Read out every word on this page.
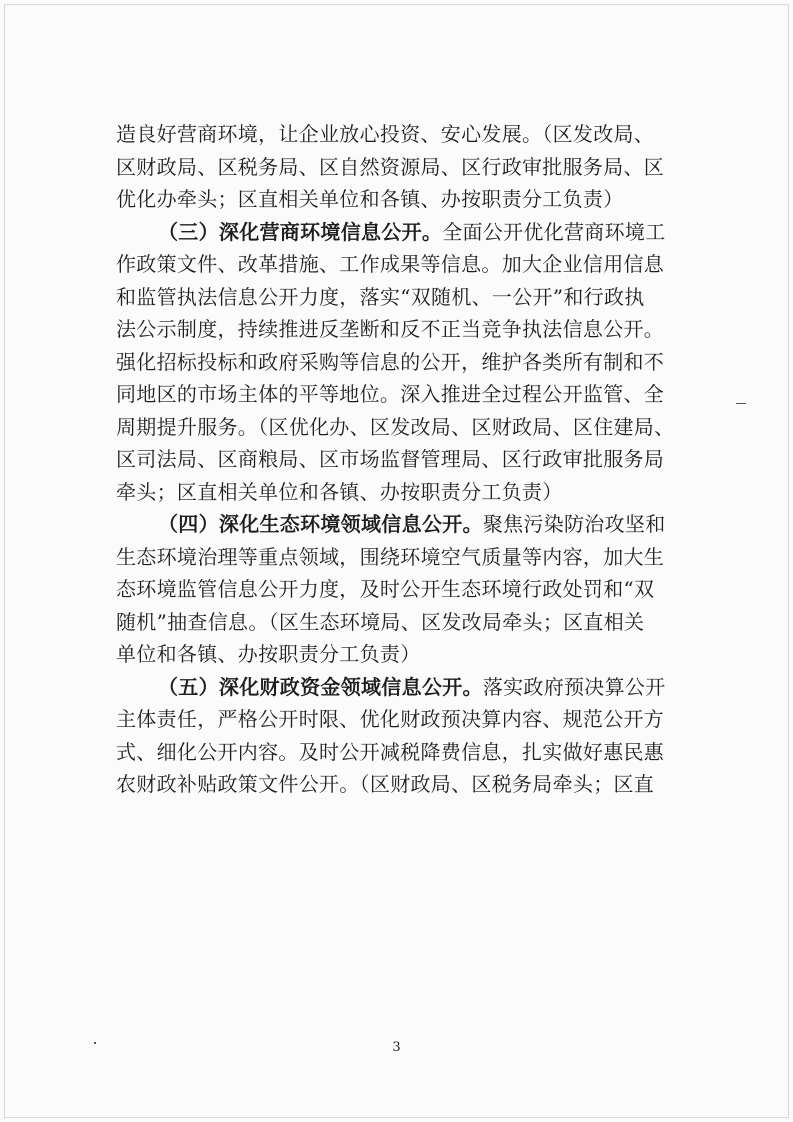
造良好营商环境，让企业放心投资、安心发展。（区发改局、
区财政局、区税务局、区自然资源局、区行政审批服务局、区
优化办牵头；区直相关单位和各镇、办按职责分工负责）
（三）深化营商环境信息公开。全面公开优化营商环境工
作政策文件、改革措施、工作成果等信息。加大企业信用信息
和监管执法信息公开力度，落实“双随机、一公开”和行政执
法公示制度，持续推进反垄断和反不正当竞争执法信息公开。
强化招标投标和政府采购等信息的公开，维护各类所有制和不
同地区的市场主体的平等地位。深入推进全过程公开监管、全
周期提升服务。（区优化办、区发改局、区财政局、区住建局、
区司法局、区商粮局、区市场监督管理局、区行政审批服务局
牵头；区直相关单位和各镇、办按职责分工负责）
（四）深化生态环境领域信息公开。聚焦污染防治攻坚和
生态环境治理等重点领域，围绕环境空气质量等内容，加大生
态环境监管信息公开力度，及时公开生态环境行政处罚和“双
随机”抽查信息。（区生态环境局、区发改局牵头；区直相关
单位和各镇、办按职责分工负责）
（五）深化财政资金领域信息公开。落实政府预决算公开
主体责任，严格公开时限、优化财政预决算内容、规范公开方
式、细化公开内容。及时公开减税降费信息，扎实做好惠民惠
农财政补贴政策文件公开。（区财政局、区税务局牵头；区直
3
